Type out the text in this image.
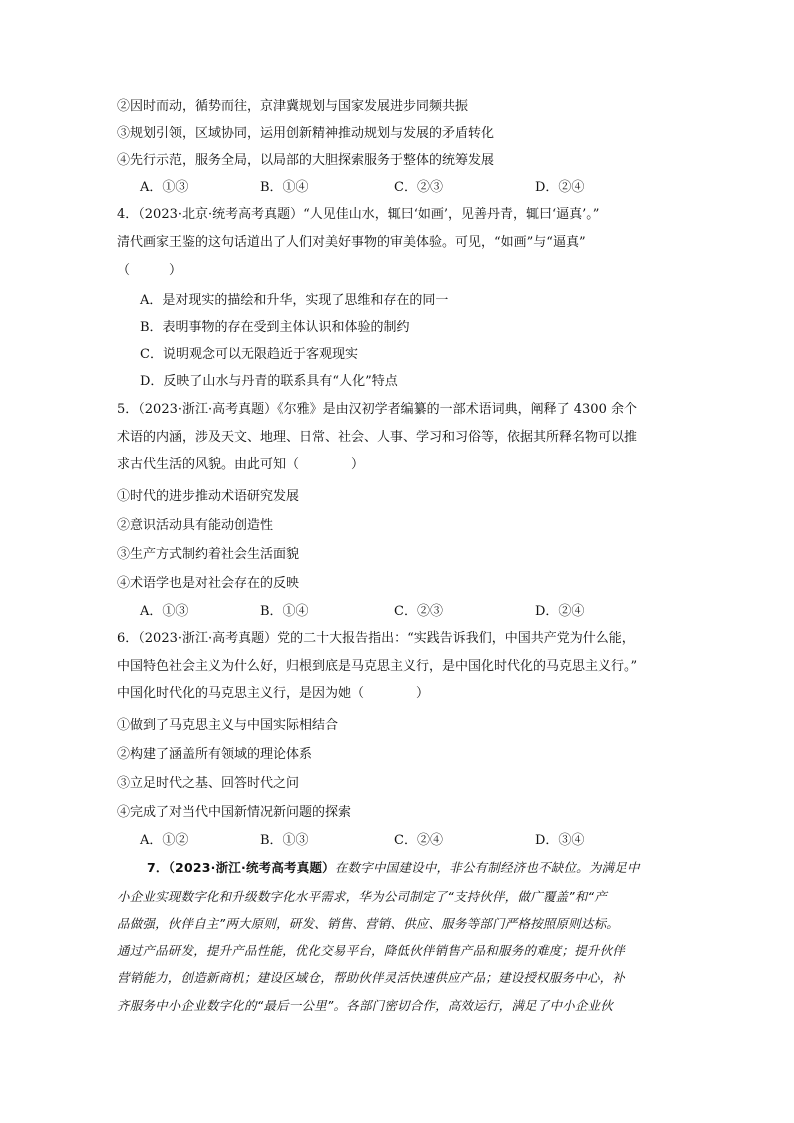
②因时而动，循势而往，京津冀规划与国家发展进步同频共振
③规划引领，区域协同，运用创新精神推动规划与发展的矛盾转化
④先行示范，服务全局，以局部的大胆探索服务于整体的统筹发展
A．①③	B．①④	C．②③	D．②④
4．（2023·北京·统考高考真题）“人见佳山水，辄曰‘如画’，见善丹青，辄曰‘逼真’。”
清代画家王鉴的这句话道出了人们对美好事物的审美体验。可见，“如画”与“逼真”
（　　　）
A．是对现实的描绘和升华，实现了思维和存在的同一
B．表明事物的存在受到主体认识和体验的制约
C．说明观念可以无限趋近于客观现实
D．反映了山水与丹青的联系具有“人化”特点
5．（2023·浙江·高考真题）《尔雅》是由汉初学者编纂的一部术语词典，阐释了 4300 余个
术语的内涵，涉及天文、地理、日常、社会、人事、学习和习俗等，依据其所释名物可以推
求古代生活的风貌。由此可知（　　　　）
①时代的进步推动术语研究发展
②意识活动具有能动创造性
③生产方式制约着社会生活面貌
④术语学也是对社会存在的反映
A．①③	B．①④	C．②③	D．②④
6．（2023·浙江·高考真题）党的二十大报告指出：“实践告诉我们，中国共产党为什么能，
中国特色社会主义为什么好，归根到底是马克思主义行，是中国化时代化的马克思主义行。”
中国化时代化的马克思主义行，是因为她（　　　　）
①做到了马克思主义与中国实际相结合
②构建了涵盖所有领域的理论体系
③立足时代之基、回答时代之问
④完成了对当代中国新情况新问题的探索
A．①②	B．①③	C．②④	D．③④
7．（2023·浙江·统考高考真题）在数字中国建设中，非公有制经济也不缺位。为满足中
小企业实现数字化和升级数字化水平需求，华为公司制定了“支持伙伴，做广覆盖”和“产
品做强，伙伴自主”两大原则，研发、销售、营销、供应、服务等部门严格按照原则达标。
通过产品研发，提升产品性能，优化交易平台，降低伙伴销售产品和服务的难度；提升伙伴
营销能力，创造新商机；建设区域仓，帮助伙伴灵活快速供应产品；建设授权服务中心，补
齐服务中小企业数字化的“最后一公里”。各部门密切合作，高效运行，满足了中小企业伙
